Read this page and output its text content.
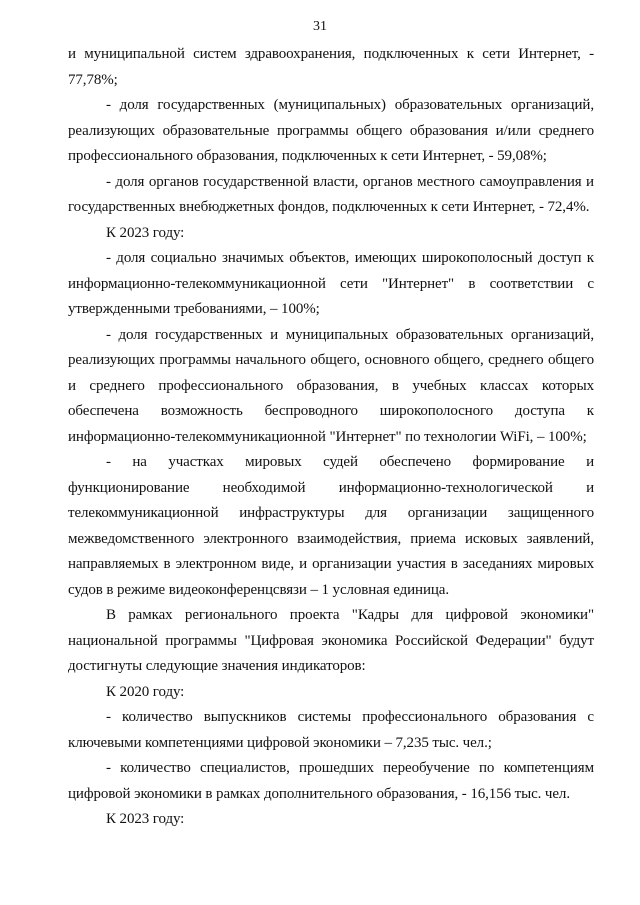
31

и муниципальной систем здравоохранения, подключенных к сети Интернет, - 77,78%;

- доля государственных (муниципальных) образовательных организаций, реализующих образовательные программы общего образования и/или среднего профессионального образования, подключенных к сети Интернет, - 59,08%;

- доля органов государственной власти, органов местного самоуправления и государственных внебюджетных фондов, подключенных к сети Интернет, - 72,4%.

К 2023 году:

- доля социально значимых объектов, имеющих широкополосный доступ к информационно-телекоммуникационной сети "Интернет" в соответствии с утвержденными требованиями, – 100%;

- доля государственных и муниципальных образовательных организаций, реализующих программы начального общего, основного общего, среднего общего и среднего профессионального образования, в учебных классах которых обеспечена возможность беспроводного широкополосного доступа к информационно-телекоммуникационной "Интернет" по технологии WiFi, – 100%;

- на участках мировых судей обеспечено формирование и функционирование необходимой информационно-технологической и телекоммуникационной инфраструктуры для организации защищенного межведомственного электронного взаимодействия, приема исковых заявлений, направляемых в электронном виде, и организации участия в заседаниях мировых судов в режиме видеоконференцсвязи – 1 условная единица.

В рамках регионального проекта "Кадры для цифровой экономики" национальной программы "Цифровая экономика Российской Федерации" будут достигнуты следующие значения индикаторов:

К 2020 году:

- количество выпускников системы профессионального образования с ключевыми компетенциями цифровой экономики – 7,235 тыс. чел.;

- количество специалистов, прошедших переобучение по компетенциям цифровой экономики в рамках дополнительного образования, - 16,156 тыс. чел.

К 2023 году:
